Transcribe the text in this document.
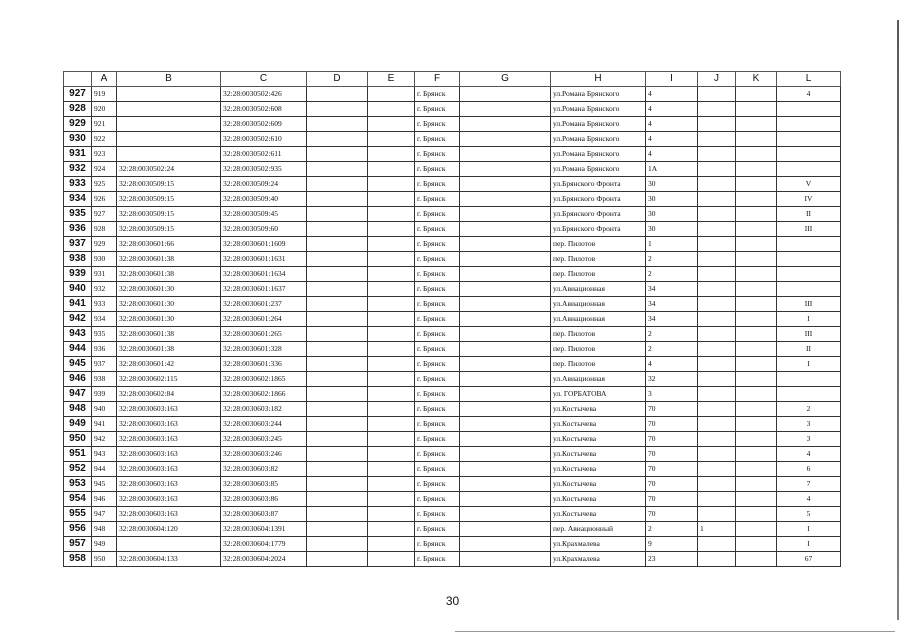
	A	B	C	D	E	F	G	H	I	J	K	L
927	919		32:28:0030502:426			г. Брянск		ул.Романа Брянского	4			4
928	920		32:28:0030502:608			г. Брянск		ул.Романа Брянского	4			
929	921		32:28:0030502:609			г. Брянск		ул.Романа Брянского	4			
930	922		32:28:0030502:610			г. Брянск		ул.Романа Брянского	4			
931	923		32:28:0030502:611			г. Брянск		ул.Романа Брянского	4			
932	924	32:28:0030502:24	32:28:0030502:935			г. Брянск		ул.Романа Брянского	1А			
933	925	32:28:0030509:15	32:28:0030509:24			г. Брянск		ул.Брянского Фронта	30			V
934	926	32:28:0030509:15	32:28:0030509:40			г. Брянск		ул.Брянского Фронта	30			IV
935	927	32:28:0030509:15	32:28:0030509:45			г. Брянск		ул.Брянского Фронта	30			II
936	928	32:28:0030509:15	32:28:0030509:60			г. Брянск		ул.Брянского Фронта	30			III
937	929	32:28:0030601:66	32:28:0030601:1609			г. Брянск		пер. Пилотов	1			
938	930	32:28:0030601:38	32:28:0030601:1631			г. Брянск		пер. Пилотов	2			
939	931	32:28:0030601:38	32:28:0030601:1634			г. Брянск		пер. Пилотов	2			
940	932	32:28:0030601:30	32:28:0030601:1637			г. Брянск		ул.Авиационная	34			
941	933	32:28:0030601:30	32:28:0030601:237			г. Брянск		ул.Авиационная	34			III
942	934	32:28:0030601:30	32:28:0030601:264			г. Брянск		ул.Авиационная	34			I
943	935	32:28:0030601:38	32:28:0030601:265			г. Брянск		пер. Пилотов	2			III
944	936	32:28:0030601:38	32:28:0030601:328			г. Брянск		пер. Пилотов	2			II
945	937	32:28:0030601:42	32:28:0030601:336			г. Брянск		пер. Пилотов	4			I
946	938	32:28:0030602:115	32:28:0030602:1865			г. Брянск		ул.Авиационная	32			
947	939	32:28:0030602:84	32:28:0030602:1866			г. Брянск		ул. ГОРБАТОВА	3			
948	940	32:28:0030603:163	32:28:0030603:182			г. Брянск		ул.Костычева	70			2
949	941	32:28:0030603:163	32:28:0030603:244			г. Брянск		ул.Костычева	70			3
950	942	32:28:0030603:163	32:28:0030603:245			г. Брянск		ул.Костычева	70			3
951	943	32:28:0030603:163	32:28:0030603:246			г. Брянск		ул.Костычева	70			4
952	944	32:28:0030603:163	32:28:0030603:82			г. Брянск		ул.Костычева	70			6
953	945	32:28:0030603:163	32:28:0030603:85			г. Брянск		ул.Костычева	70			7
954	946	32:28:0030603:163	32:28:0030603:86			г. Брянск		ул.Костычева	70			4
955	947	32:28:0030603:163	32:28:0030603:87			г. Брянск		ул.Костычева	70			5
956	948	32:28:0030604:120	32:28:0030604:1391			г. Брянск		пер. Авиационный	2	1		I
957	949		32:28:0030604:1779			г. Брянск		ул.Крахмалева	9			I
958	950	32:28:0030604:133	32:28:0030604:2024			г. Брянск		ул.Крахмалева	23			67
30
